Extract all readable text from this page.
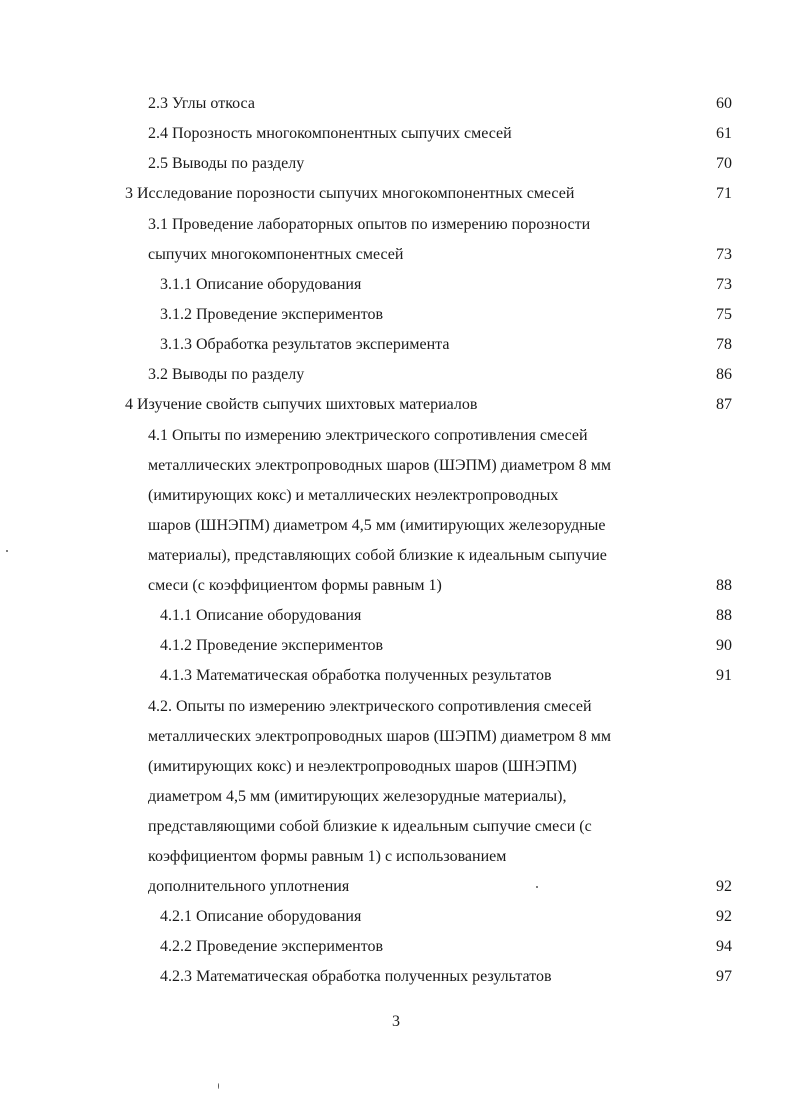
2.3 Углы откоса	60
2.4 Порозность многокомпонентных сыпучих смесей	61
2.5 Выводы по разделу	70
3 Исследование порозности сыпучих многокомпонентных смесей	71
3.1 Проведение лабораторных опытов по измерению порозности
сыпучих многокомпонентных смесей	73
3.1.1 Описание оборудования	73
3.1.2 Проведение экспериментов	75
3.1.3 Обработка результатов эксперимента	78
3.2 Выводы по разделу	86
4 Изучение свойств сыпучих шихтовых материалов	87
4.1 Опыты по измерению электрического сопротивления смесей
металлических электропроводных шаров (ШЭПМ) диаметром 8 мм
(имитирующих кокс) и металлических неэлектропроводных
шаров (ШНЭПМ) диаметром 4,5 мм (имитирующих железорудные
материалы), представляющих собой близкие к идеальным сыпучие
смеси (с коэффициентом формы равным 1)	88
4.1.1 Описание оборудования	88
4.1.2 Проведение экспериментов	90
4.1.3 Математическая обработка полученных результатов	91
4.2. Опыты по измерению электрического сопротивления смесей
металлических электропроводных шаров (ШЭПМ) диаметром 8 мм
(имитирующих кокс) и неэлектропроводных шаров (ШНЭПМ)
диаметром 4,5 мм (имитирующих железорудные материалы),
представляющими собой близкие к идеальным сыпучие смеси (с
коэффициентом формы равным 1) с использованием
дополнительного уплотнения	92
4.2.1 Описание оборудования	92
4.2.2 Проведение экспериментов	94
4.2.3 Математическая обработка полученных результатов	97
3
